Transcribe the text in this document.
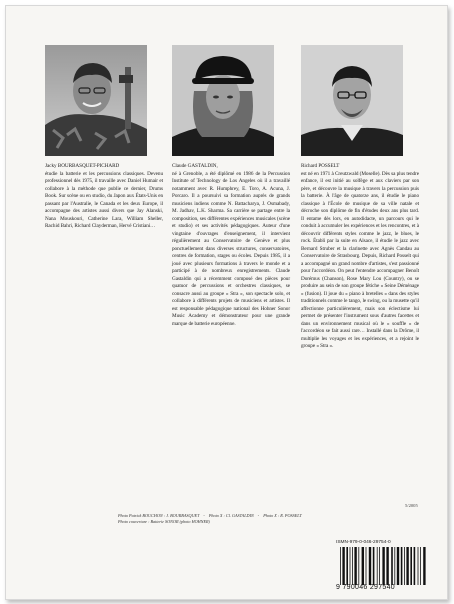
Jacky BOURBASQUET-PICHARD
étudie la batterie et les percussions classiques. Devenu professionnel dès 1975, il travaille avec Daniel Humair et collabore à la méthode que publie ce dernier, Drums Book. Sur scène ou en studio, du Japon aux États-Unis en passant par l'Australie, le Canada et les deux Europe, il accompagne des artistes aussi divers que Jay Alanski, Nana Mouskouri, Catherine Lara, William Sheller, Rachid Bahri, Richard Clayderman, Hervé Cristiani…
Claude GASTALDIN,
né à Grenoble, a été diplômé en 1986 de la Percussion Institute of Technology de Los Angeles où il a travaillé notamment avec R. Humphrey, E. Toro, A. Acuna, J. Porcaro. Il a poursuivi sa formation auprès de grands musiciens indiens comme N. Battacharya, J. Osmabady, M. Jadhav, L.K. Sharma. Sa carrière se partage entre la composition, ses différentes expériences musicales (scène et studio) et ses activités pédagogiques. Auteur d'une vingtaine d'ouvrages d'enseignement, il intervient régulièrement au Conservatoire de Genève et plus ponctuellement dans diverses structures, conservatoires, centres de formation, stages ou écoles. Depuis 1985, il a joué avec plusieurs formations à travers le monde et a participé à de nombreux enregistrements. Claude Gastaldin qui a récemment composé des pièces pour quatuor de percussions et orchestres classiques, se consacre aussi au groupe « Stra », son spectacle solo, et collabore à différents projets de musiciens et artistes. Il est responsable pédagogique national des Hohner Sonor Music Academy et démonstrateur pour une grande marque de batterie européenne.
Richard POSSELT
est né en 1971 à Creutzwald (Moselle). Dès sa plus tendre enfance, il est initié au solfège et aux claviers par son père, et découvre la musique à travers la percussion puis la batterie. À l'âge de quatorze ans, il étudie le piano classique à l'École de musique de sa ville natale et décroche son diplôme de fin d'études deux ans plus tard. Il entame dès lors, en autodidacte, un parcours qui le conduit à accumuler les expériences et les rencontres, et à découvrir différents styles comme le jazz, le blues, le rock. Établi par la suite en Alsace, il étudie le jazz avec Bernard Struber et la clarinette avec Agnès Candau au Conservatoire de Strasbourg. Depuis, Richard Posselt qui a accompagné un grand nombre d'artistes, s'est passionné pour l'accordéon. On peut l'entendre accompagner Benoît Dorémus (Chanson), Rose Mary Lou (Country), ou se produire au sein de son groupe fétiche « Seine Déménage » (fusion). Il joue du « piano à bretelles » dans des styles traditionnels comme le tango, le swing, ou la musette qu'il affectionne particulièrement, mais son éclectisme lui permet de présenter l'instrument sous d'autres facettes et dans un environnement musical où le « souffle » de l'accordéon se fait aussi rare… Installé dans la Drôme, il multiplie les voyages et les expériences, et a rejoint le groupe « Stra ».
5/2005
Photo Patrick BOUCHON : J. BOURBASQUET - Photo X : Cl. GASTALDIN - Photo X : R. POSSELT
Photo couverture : Batterie SONOR (photo HOHNER)
ISMN-979-0-046-29754-0
9 790046 297540
